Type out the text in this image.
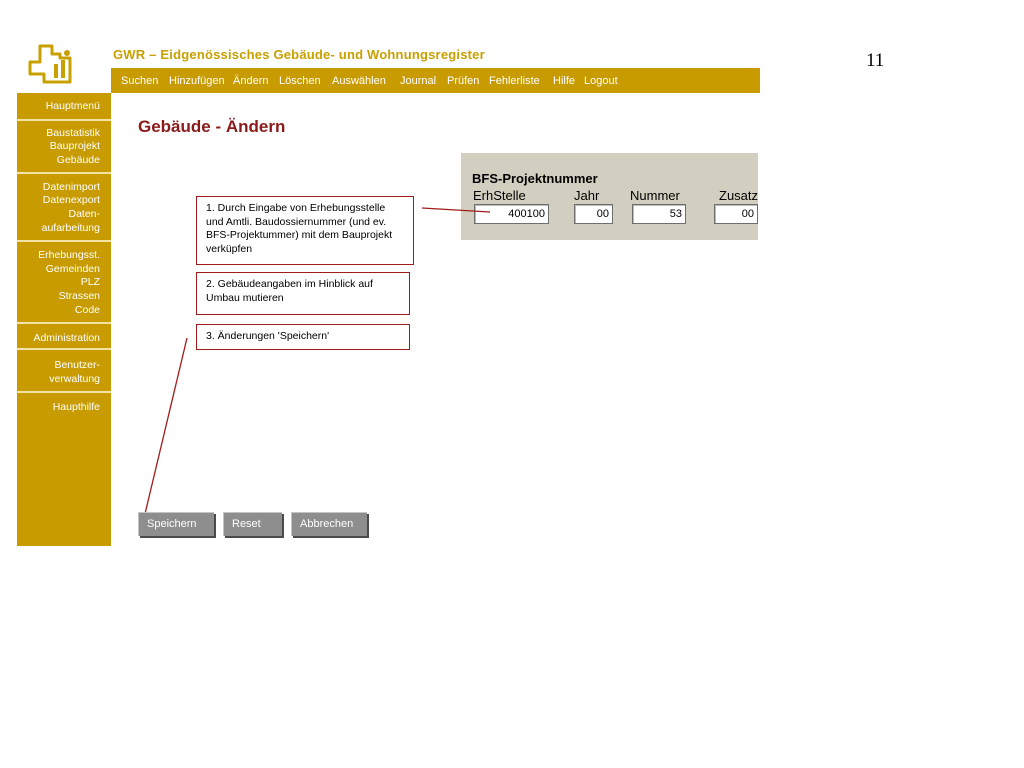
GWR – Eidgenössisches Gebäude- und Wohnungsregister	11
Suchen Hinzufügen Ändern Löschen Auswählen Journal Prüfen Fehlerliste Hilfe Logout
Hauptmenü
Baustatistik
Bauprojekt
Gebäude
Datenimport
Datenexport
Daten-
aufarbeitung
Erhebungsst.
Gemeinden
PLZ
Strassen
Code
Administration
Benutzer-
verwaltung
Haupthilfe
Gebäude - Ändern
1. Durch Eingabe von Erhebungsstelle und Amtli. Baudossiernummer (und ev. BFS-Projektummer) mit dem Bauprojekt verküpfen
2. Gebäudeangaben im Hinblick auf Umbau mutieren
3. Änderungen 'Speichern'
BFS-Projektnummer
ErhStelle	Jahr Nummer	Zusatz
400100	00	53	00
Speichern	Reset	Abbrechen
